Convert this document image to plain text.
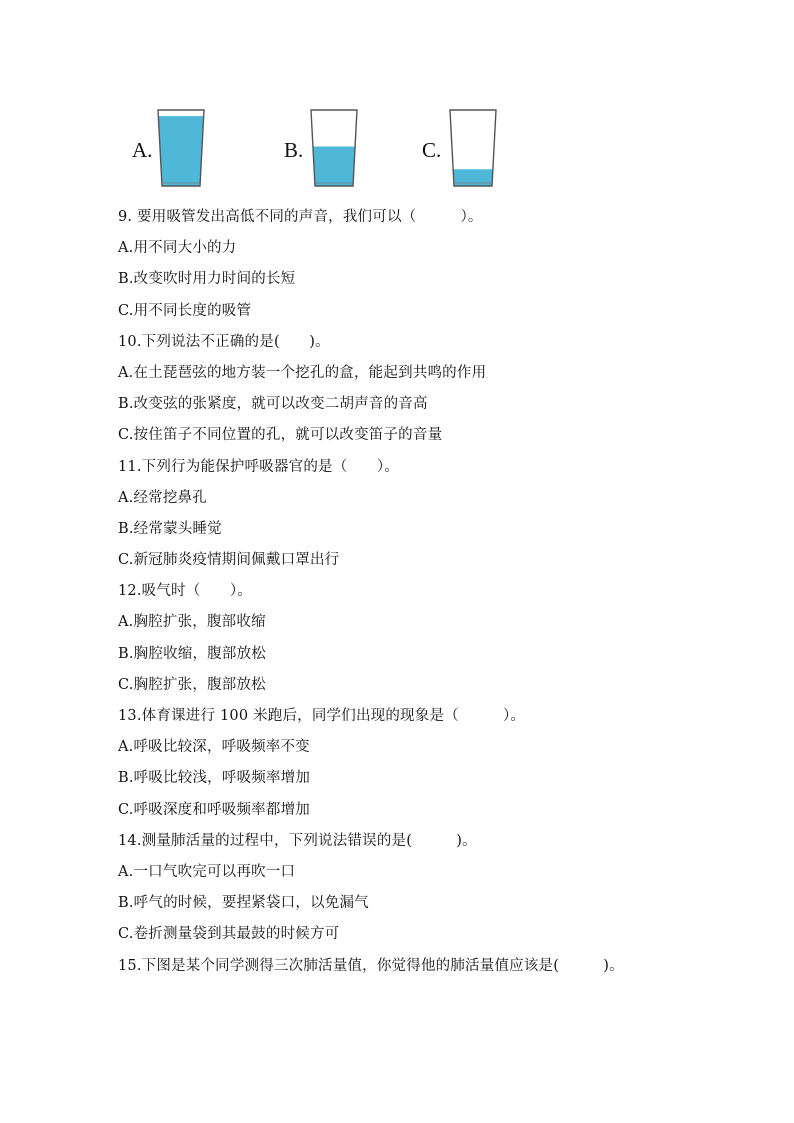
A.	B.	C.
9. 要用吸管发出高低不同的声音，我们可以（　　　）。
A.用不同大小的力
B.改变吹时用力时间的长短
C.用不同长度的吸管
10.下列说法不正确的是(　　)。
A.在土琵琶弦的地方装一个挖孔的盒，能起到共鸣的作用
B.改变弦的张紧度，就可以改变二胡声音的音高
C.按住笛子不同位置的孔，就可以改变笛子的音量
11.下列行为能保护呼吸器官的是（　　）。
A.经常挖鼻孔
B.经常蒙头睡觉
C.新冠肺炎疫情期间佩戴口罩出行
12.吸气时（　　）。
A.胸腔扩张，腹部收缩
B.胸腔收缩，腹部放松
C.胸腔扩张，腹部放松
13.体育课进行 100 米跑后，同学们出现的现象是（　　　）。
A.呼吸比较深，呼吸频率不变
B.呼吸比较浅，呼吸频率增加
C.呼吸深度和呼吸频率都增加
14.测量肺活量的过程中，下列说法错误的是(　　　)。
A.一口气吹完可以再吹一口
B.呼气的时候，要捏紧袋口，以免漏气
C.卷折测量袋到其最鼓的时候方可
15.下图是某个同学测得三次肺活量值，你觉得他的肺活量值应该是(　　　)。
